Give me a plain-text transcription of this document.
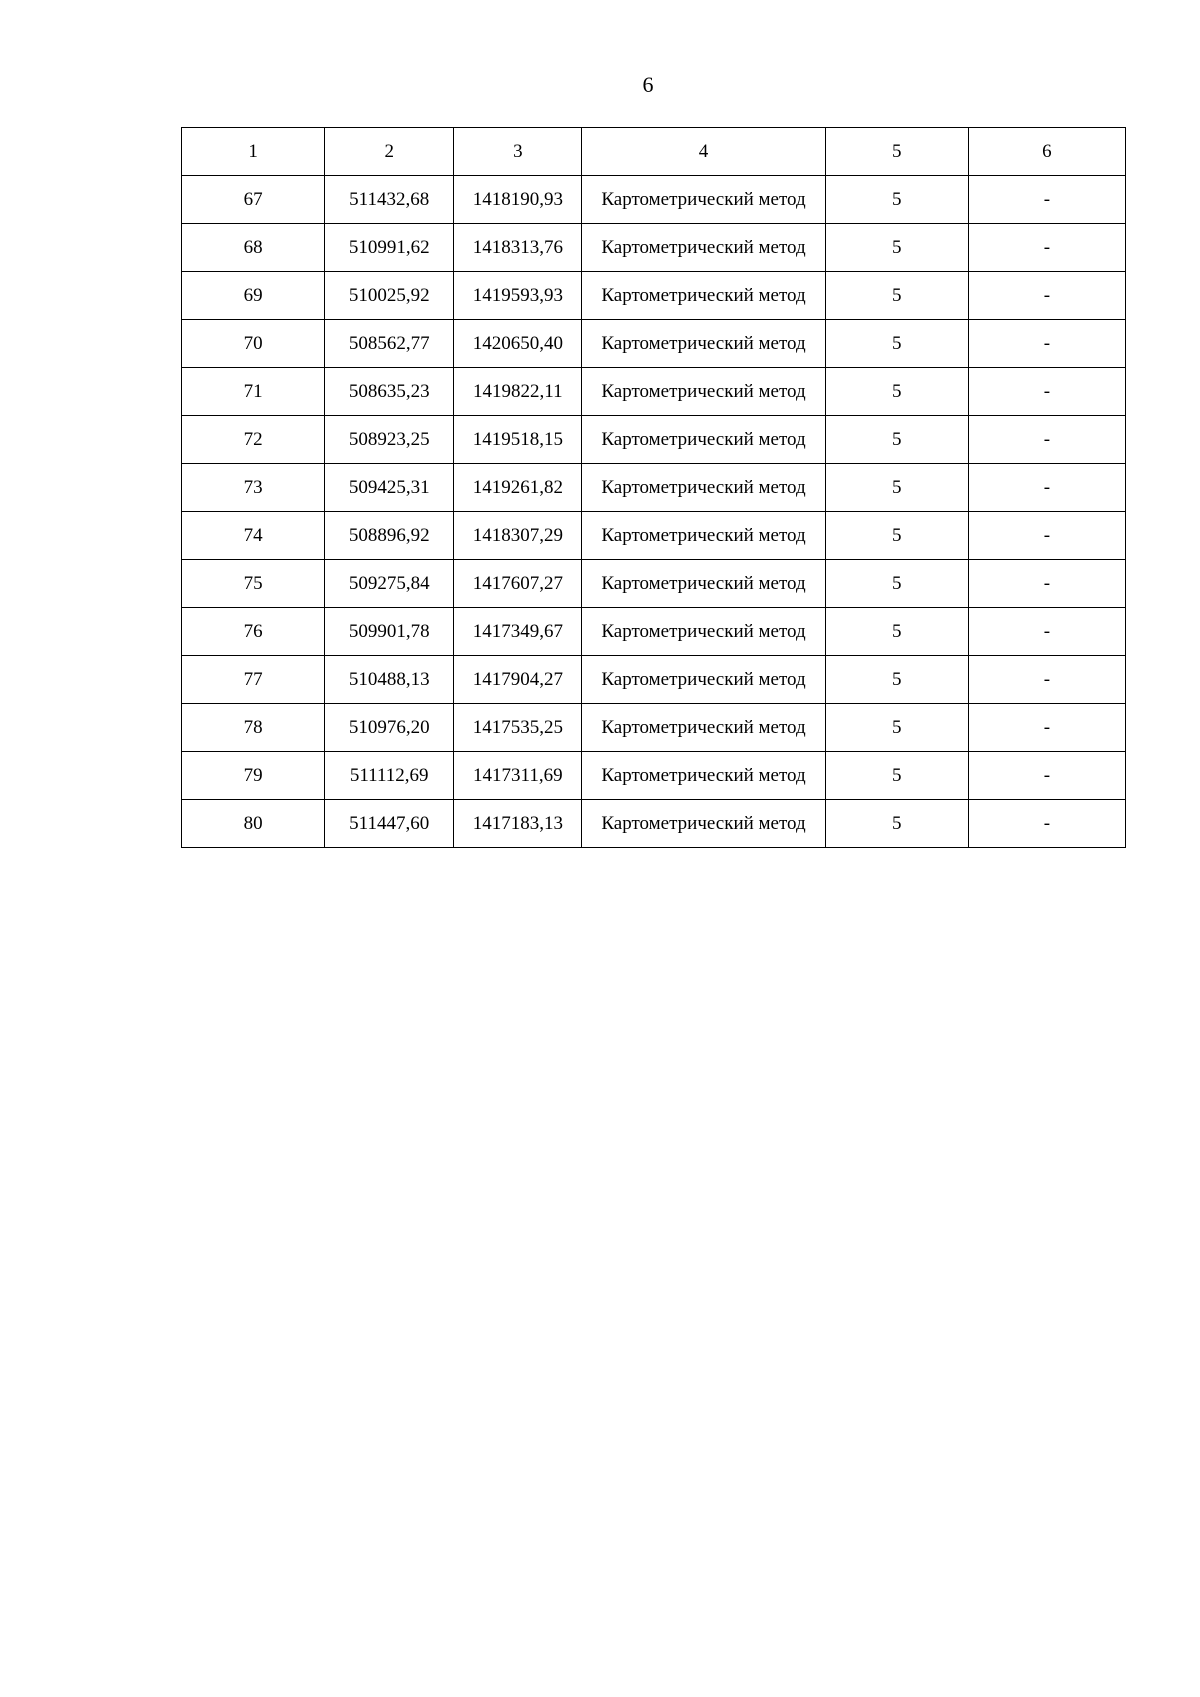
6
1	2	3	4	5	6
67	511432,68	1418190,93	Картометрический метод	5	-
68	510991,62	1418313,76	Картометрический метод	5	-
69	510025,92	1419593,93	Картометрический метод	5	-
70	508562,77	1420650,40	Картометрический метод	5	-
71	508635,23	1419822,11	Картометрический метод	5	-
72	508923,25	1419518,15	Картометрический метод	5	-
73	509425,31	1419261,82	Картометрический метод	5	-
74	508896,92	1418307,29	Картометрический метод	5	-
75	509275,84	1417607,27	Картометрический метод	5	-
76	509901,78	1417349,67	Картометрический метод	5	-
77	510488,13	1417904,27	Картометрический метод	5	-
78	510976,20	1417535,25	Картометрический метод	5	-
79	511112,69	1417311,69	Картометрический метод	5	-
80	511447,60	1417183,13	Картометрический метод	5	-
